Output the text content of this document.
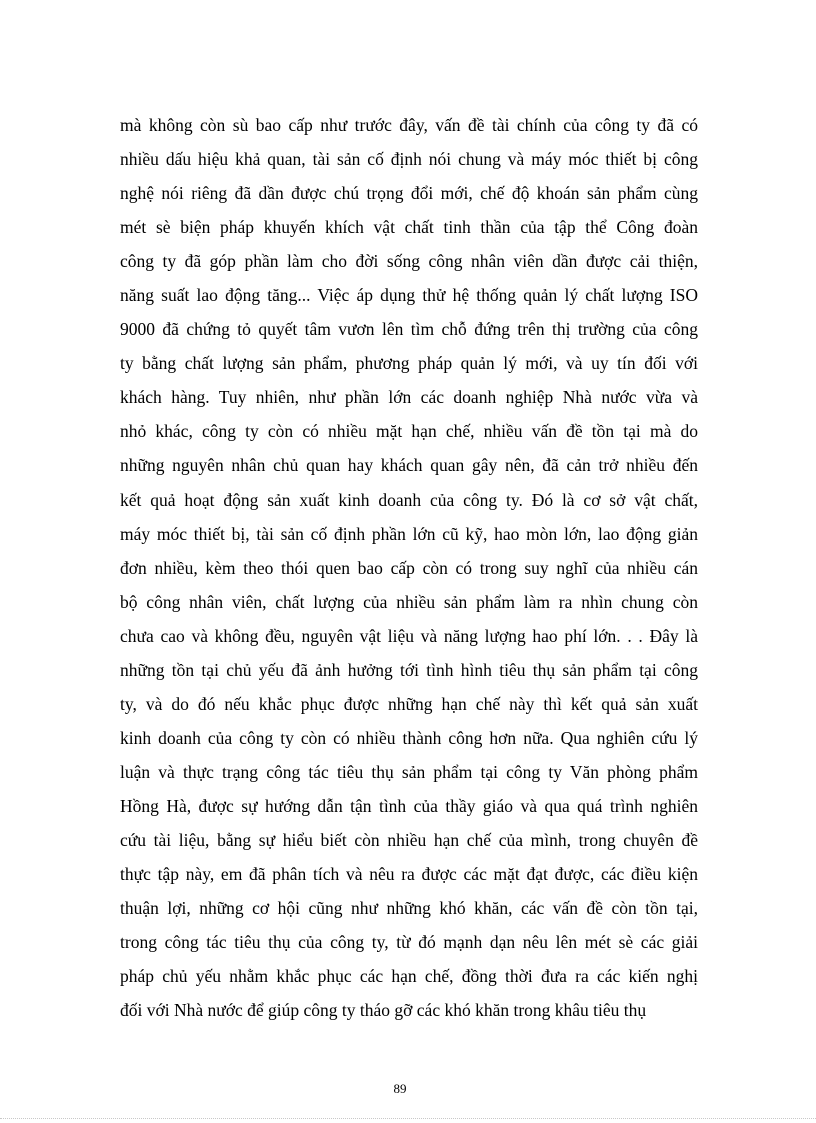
mà không còn sù bao cấp như trước đây, vấn đề tài chính của công ty đã có
nhiều dấu hiệu khả quan, tài sản cố định nói chung và máy móc thiết bị công
nghệ nói riêng đã dần được chú trọng đổi mới, chế độ khoán sản phẩm cùng
mét sè biện pháp khuyến khích vật chất tinh thần của tập thể Công đoàn
công ty đã góp phần làm cho đời sống công nhân viên dần được cải thiện,
năng suất lao động tăng... Việc áp dụng thử hệ thống quản lý chất lượng ISO
9000 đã chứng tỏ quyết tâm vươn lên tìm chỗ đứng trên thị trường của công
ty bằng chất lượng sản phẩm, phương pháp quản lý mới, và uy tín đối với
khách hàng. Tuy nhiên, như phần lớn các doanh nghiệp Nhà nước vừa và
nhỏ khác, công ty còn có nhiều mặt hạn chế, nhiều vấn đề tồn tại mà do
những nguyên nhân chủ quan hay khách quan gây nên, đã cản trở nhiều đến
kết quả hoạt động sản xuất kinh doanh của công ty. Đó là cơ sở vật chất,
máy móc thiết bị, tài sản cố định phần lớn cũ kỹ, hao mòn lớn, lao động giản
đơn nhiều, kèm theo thói quen bao cấp còn có trong suy nghĩ của nhiều cán
bộ công nhân viên, chất lượng của nhiều sản phẩm làm ra nhìn chung còn
chưa cao và không đều, nguyên vật liệu và năng lượng hao phí lớn. . . Đây là
những tồn tại chủ yếu đã ảnh hưởng tới tình hình tiêu thụ sản phẩm tại công
ty, và do đó nếu khắc phục được những hạn chế này thì kết quả sản xuất
kinh doanh của công ty còn có nhiều thành công hơn nữa. Qua nghiên cứu lý
luận và thực trạng công tác tiêu thụ sản phẩm tại công ty Văn phòng phẩm
Hồng Hà, được sự hướng dẫn tận tình của thầy giáo và qua quá trình nghiên
cứu tài liệu, bằng sự hiểu biết còn nhiều hạn chế của mình, trong chuyên đề
thực tập này, em đã phân tích và nêu ra được các mặt đạt được, các điều kiện
thuận lợi, những cơ hội cũng như những khó khăn, các vấn đề còn tồn tại,
trong công tác tiêu thụ của công ty, từ đó mạnh dạn nêu lên mét sè các giải
pháp chủ yếu nhằm khắc phục các hạn chế, đồng thời đưa ra các kiến nghị
đối với Nhà nước để giúp công ty tháo gỡ các khó khăn trong khâu tiêu thụ
89
